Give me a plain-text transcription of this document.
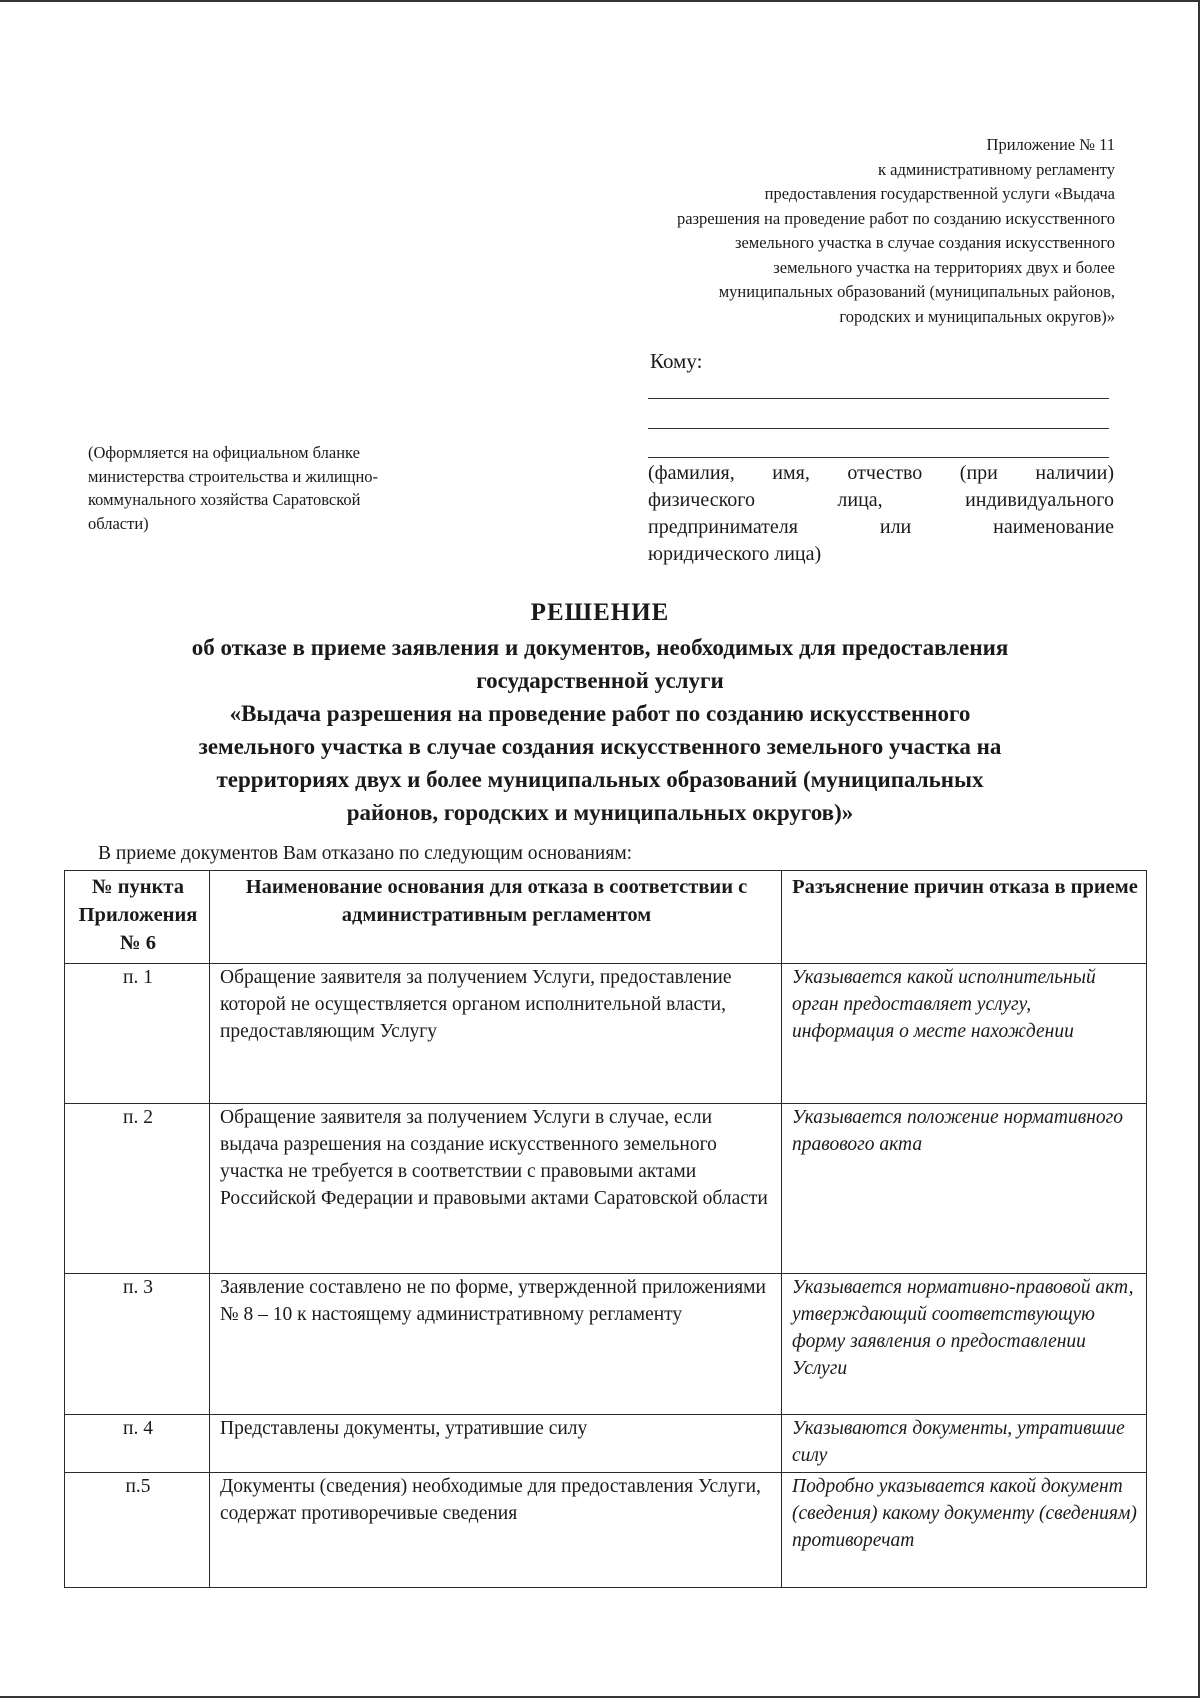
Приложение № 11
к административному регламенту
предоставления государственной услуги «Выдача
разрешения на проведение работ по созданию искусственного
земельного участка в случае создания искусственного
земельного участка на территориях двух и более
муниципальных образований (муниципальных районов,
городских и муниципальных округов)»
Кому:
(Оформляется на официальном бланке
министерства строительства и жилищно-
коммунального хозяйства Саратовской
области)
(фамилия, имя, отчество (при наличии)
физического лица, индивидуального
предпринимателя или наименование
юридического лица)
РЕШЕНИЕ
об отказе в приеме заявления и документов, необходимых для предоставления
государственной услуги
«Выдача разрешения на проведение работ по созданию искусственного
земельного участка в случае создания искусственного земельного участка на
территориях двух и более муниципальных образований (муниципальных
районов, городских и муниципальных округов)»
В приеме документов Вам отказано по следующим основаниям:
№ пункта Приложения № 6	Наименование основания для отказа в соответствии с административным регламентом	Разъяснение причин отказа в приеме
п. 1	Обращение заявителя за получением Услуги, предоставление которой не осуществляется органом исполнительной власти, предоставляющим Услугу	Указывается какой исполнительный орган предоставляет услугу, информация о месте нахождении
п. 2	Обращение заявителя за получением Услуги в случае, если выдача разрешения на создание искусственного земельного участка не требуется в соответствии с правовыми актами Российской Федерации и правовыми актами Саратовской области	Указывается положение нормативного правового акта
п. 3	Заявление составлено не по форме, утвержденной приложениями № 8 – 10 к настоящему административному регламенту	Указывается нормативно-правовой акт, утверждающий соответствующую форму заявления о предоставлении Услуги
п. 4	Представлены документы, утратившие силу	Указываются документы, утратившие силу
п.5	Документы (сведения) необходимые для предоставления Услуги, содержат противоречивые сведения	Подробно указывается какой документ (сведения) какому документу (сведениям) противоречат
